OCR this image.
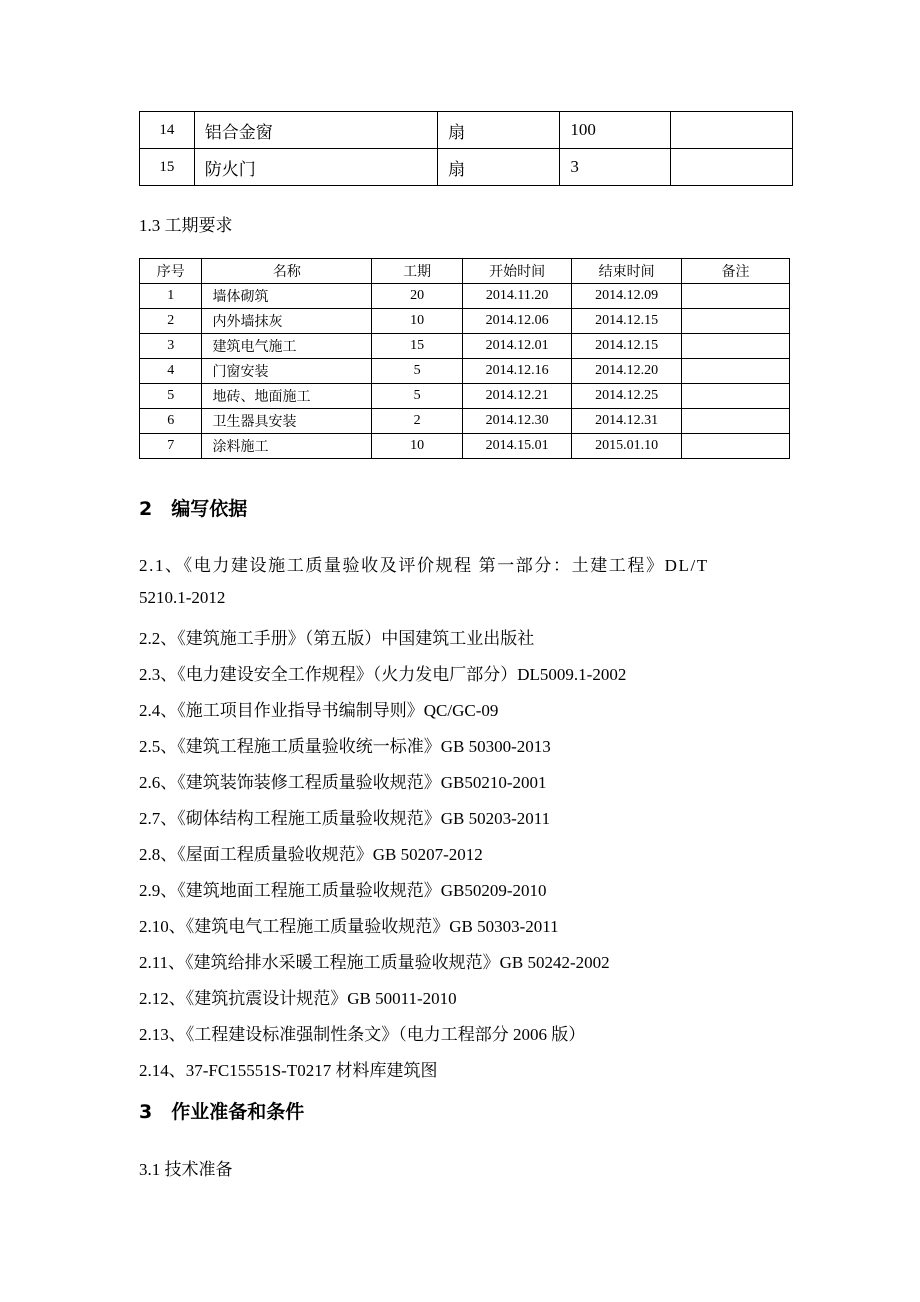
14	铝合金窗	扇	100	
15	防火门	扇	3	
1.3 工期要求
序号	名称	工期	开始时间	结束时间	备注
1	墙体砌筑	20	2014.11.20	2014.12.09	
2	内外墙抹灰	10	2014.12.06	2014.12.15	
3	建筑电气施工	15	2014.12.01	2014.12.15	
4	门窗安装	5	2014.12.16	2014.12.20	
5	地砖、地面施工	5	2014.12.21	2014.12.25	
6	卫生器具安装	2	2014.12.30	2014.12.31	
7	涂料施工	10	2014.15.01	2015.01.10	
2　编写依据
2.1、《电力建设施工质量验收及评价规程 第一部分：土建工程》DL/T
5210.1-2012
2.2、《建筑施工手册》（第五版）中国建筑工业出版社
2.3、《电力建设安全工作规程》（火力发电厂部分）DL5009.1-2002
2.4、《施工项目作业指导书编制导则》QC/GC-09
2.5、《建筑工程施工质量验收统一标准》GB 50300-2013
2.6、《建筑装饰装修工程质量验收规范》GB50210-2001
2.7、《砌体结构工程施工质量验收规范》GB 50203-2011
2.8、《屋面工程质量验收规范》GB 50207-2012
2.9、《建筑地面工程施工质量验收规范》GB50209-2010
2.10、《建筑电气工程施工质量验收规范》GB 50303-2011
2.11、《建筑给排水采暖工程施工质量验收规范》GB 50242-2002
2.12、《建筑抗震设计规范》GB 50011-2010
2.13、《工程建设标准强制性条文》（电力工程部分 2006 版）
2.14、37-FC15551S-T0217 材料库建筑图
3　作业准备和条件
3.1 技术准备
